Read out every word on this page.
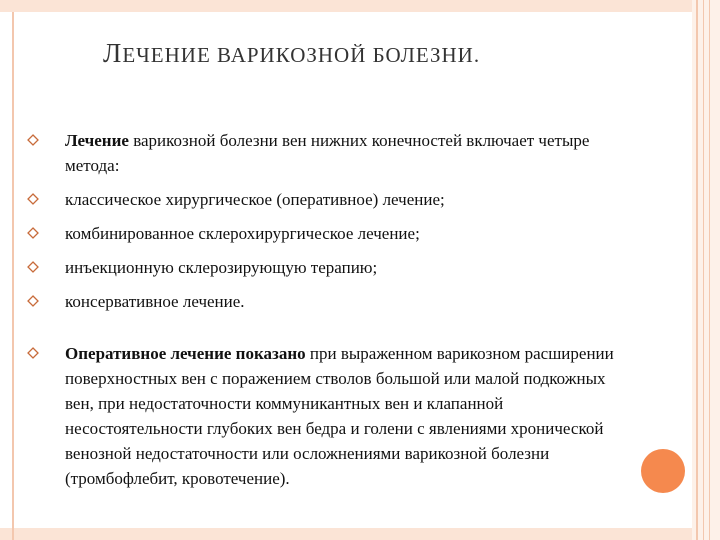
ЛЕЧЕНИЕ ВАРИКОЗНОЙ БОЛЕЗНИ.
Лечение варикозной болезни вен нижних конечностей включает четыре метода:
классическое хирургическое (оперативное) лечение;
комбинированное склерохирургическое лечение;
инъекционную склерозирующую терапию;
консервативное лечение.
Оперативное лечение показано при выраженном варикозном расширении поверхностных вен с поражением стволов большой или малой подкожных вен, при недостаточности коммуникантных вен и клапанной несостоятельности глубоких вен бедра и голени с явлениями хронической венозной недостаточности или осложнениями варикозной болезни (тромбофлебит, кровотечение).
